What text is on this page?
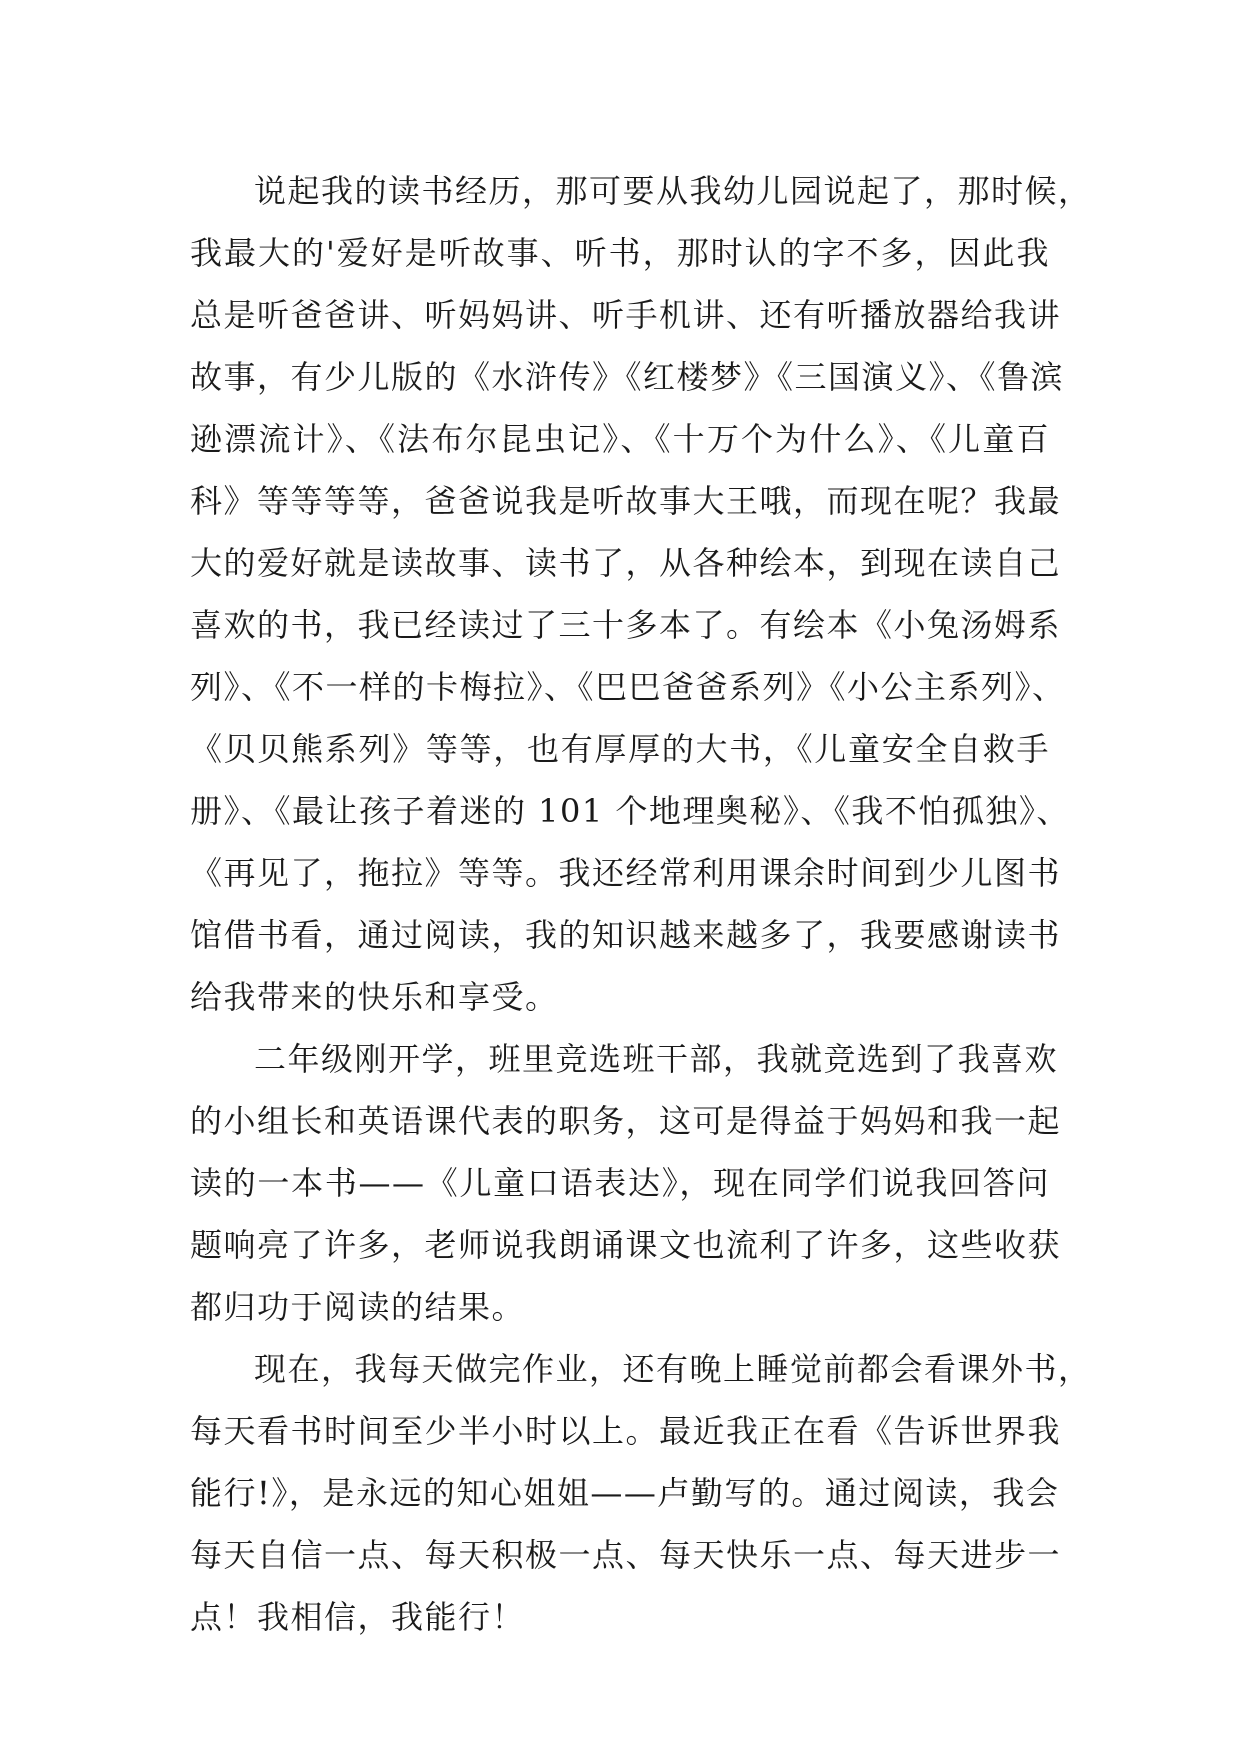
说起我的读书经历，那可要从我幼儿园说起了，那时候，
我最大的'爱好是听故事、听书，那时认的字不多，因此我
总是听爸爸讲、听妈妈讲、听手机讲、还有听播放器给我讲
故事，有少儿版的《水浒传》《红楼梦》《三国演义》、《鲁滨
逊漂流计》、《法布尔昆虫记》、《十万个为什么》、《儿童百
科》等等等等，爸爸说我是听故事大王哦，而现在呢？我最
大的爱好就是读故事、读书了，从各种绘本，到现在读自己
喜欢的书，我已经读过了三十多本了。有绘本《小兔汤姆系
列》、《不一样的卡梅拉》、《巴巴爸爸系列》《小公主系列》、
《贝贝熊系列》等等，也有厚厚的大书，《儿童安全自救手
册》、《最让孩子着迷的 101 个地理奥秘》、《我不怕孤独》、
《再见了，拖拉》等等。我还经常利用课余时间到少儿图书
馆借书看，通过阅读，我的知识越来越多了，我要感谢读书
给我带来的快乐和享受。
二年级刚开学，班里竞选班干部，我就竞选到了我喜欢
的小组长和英语课代表的职务，这可是得益于妈妈和我一起
读的一本书——《儿童口语表达》，现在同学们说我回答问
题响亮了许多，老师说我朗诵课文也流利了许多，这些收获
都归功于阅读的结果。
现在，我每天做完作业，还有晚上睡觉前都会看课外书，
每天看书时间至少半小时以上。最近我正在看《告诉世界我
能行!》，是永远的知心姐姐——卢勤写的。通过阅读，我会
每天自信一点、每天积极一点、每天快乐一点、每天进步一
点！我相信，我能行！
